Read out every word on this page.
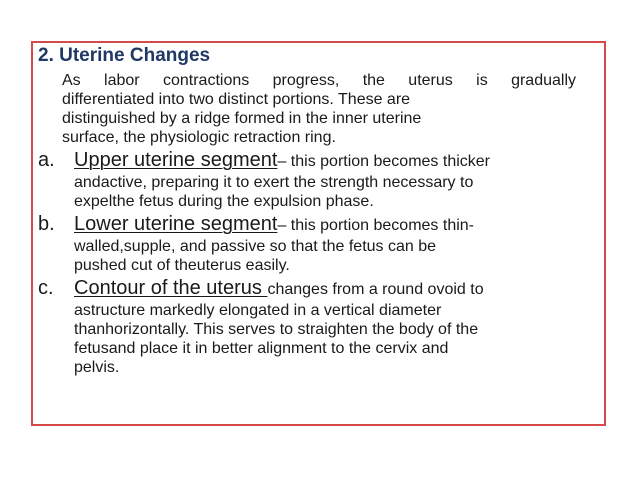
2. Uterine Changes
As labor contractions progress, the uterus is gradually
differentiated into two distinct portions. These are
distinguished by a ridge formed in the inner uterine
surface, the physiologic retraction ring.
a. Upper uterine segment– this portion becomes thicker
andactive, preparing it to exert the strength necessary to
expelthe fetus during the expulsion phase.
b. Lower uterine segment– this portion becomes thin-
walled,supple, and passive so that the fetus can be
pushed cut of theuterus easily.
c. Contour of the uterus changes from a round ovoid to
astructure markedly elongated in a vertical diameter
thanhorizontally. This serves to straighten the body of the
fetusand place it in better alignment to the cervix and
pelvis.
